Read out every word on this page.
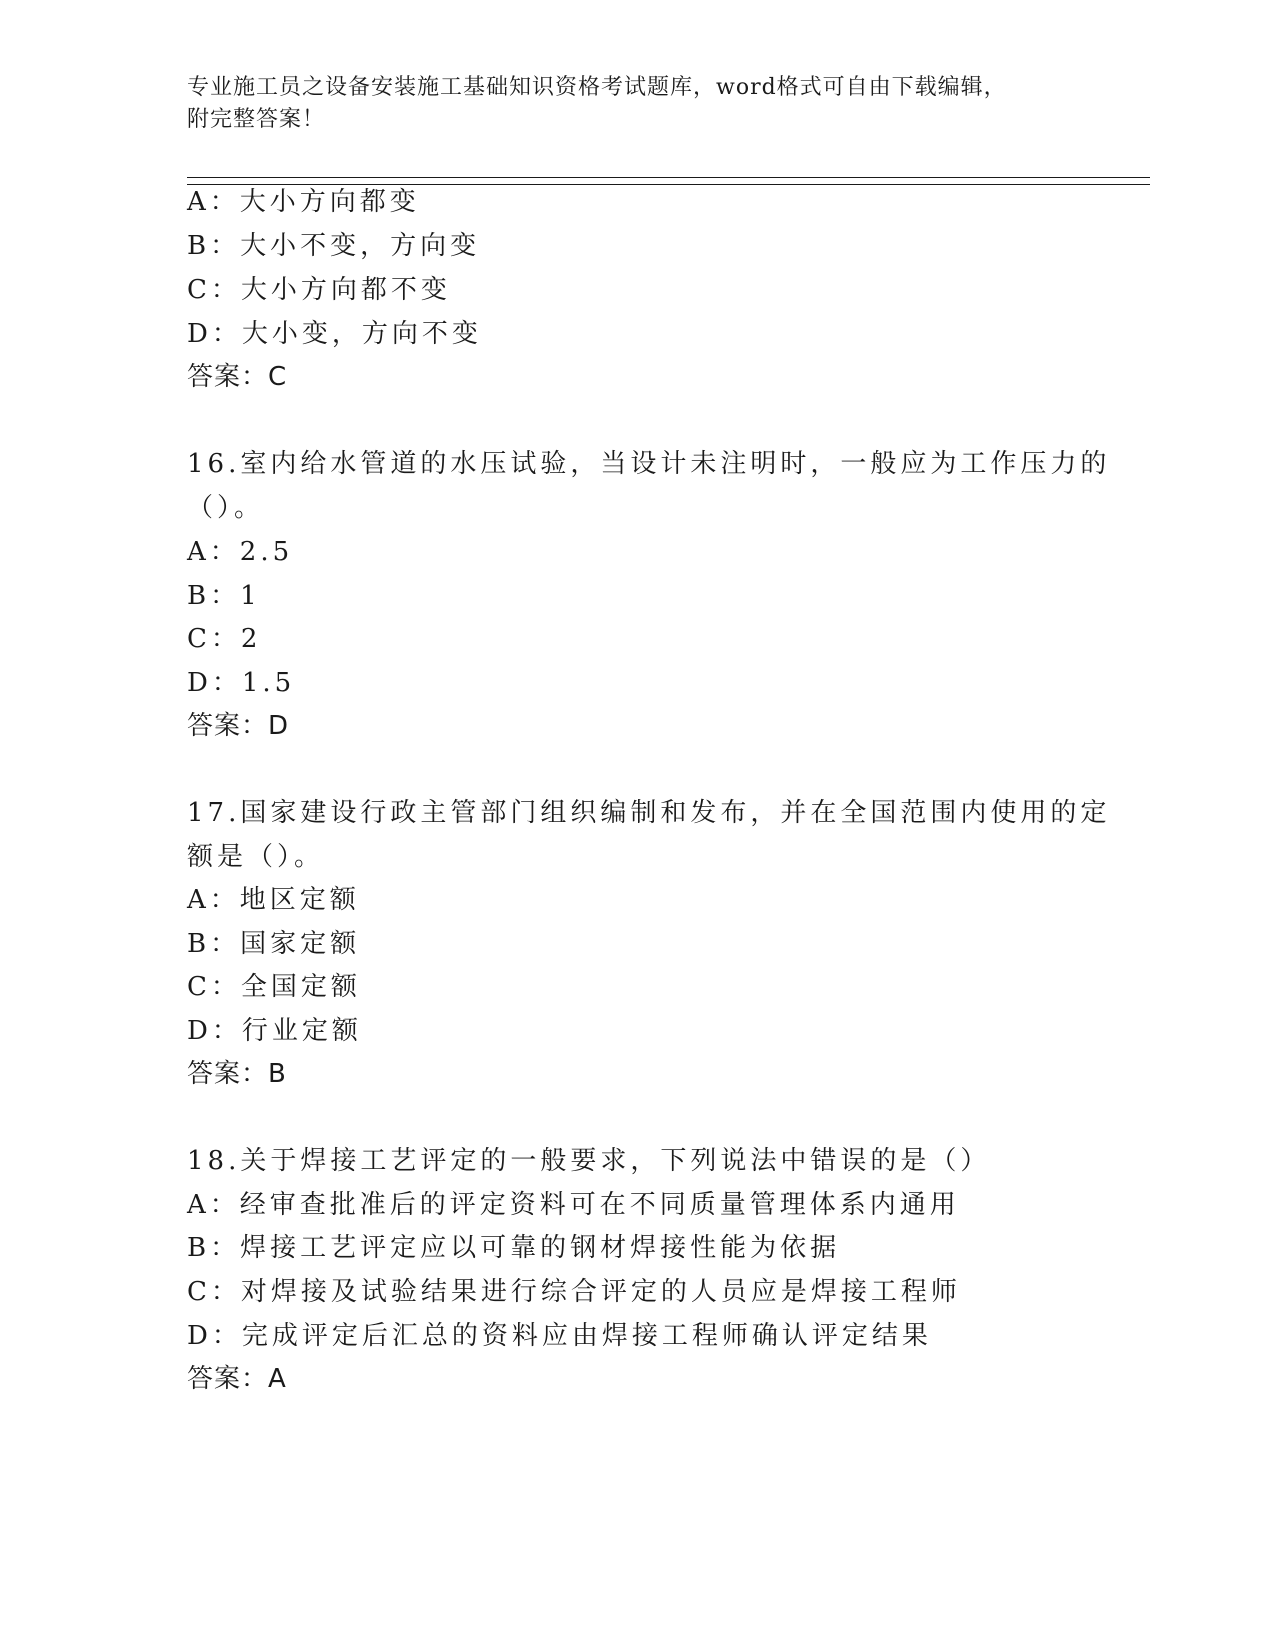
专业施工员之设备安装施工基础知识资格考试题库，word格式可自由下载编辑，
附完整答案！
A：大小方向都变
B：大小不变，方向变
C：大小方向都不变
D：大小变，方向不变
答案：C
16.室内给水管道的水压试验，当设计未注明时，一般应为工作压力的
（）。
A：2.5
B：1
C：2
D：1.5
答案：D
17.国家建设行政主管部门组织编制和发布，并在全国范围内使用的定
额是（）。
A：地区定额
B：国家定额
C：全国定额
D：行业定额
答案：B
18.关于焊接工艺评定的一般要求，下列说法中错误的是（）
A：经审查批准后的评定资料可在不同质量管理体系内通用
B：焊接工艺评定应以可靠的钢材焊接性能为依据
C：对焊接及试验结果进行综合评定的人员应是焊接工程师
D：完成评定后汇总的资料应由焊接工程师确认评定结果
答案：A
